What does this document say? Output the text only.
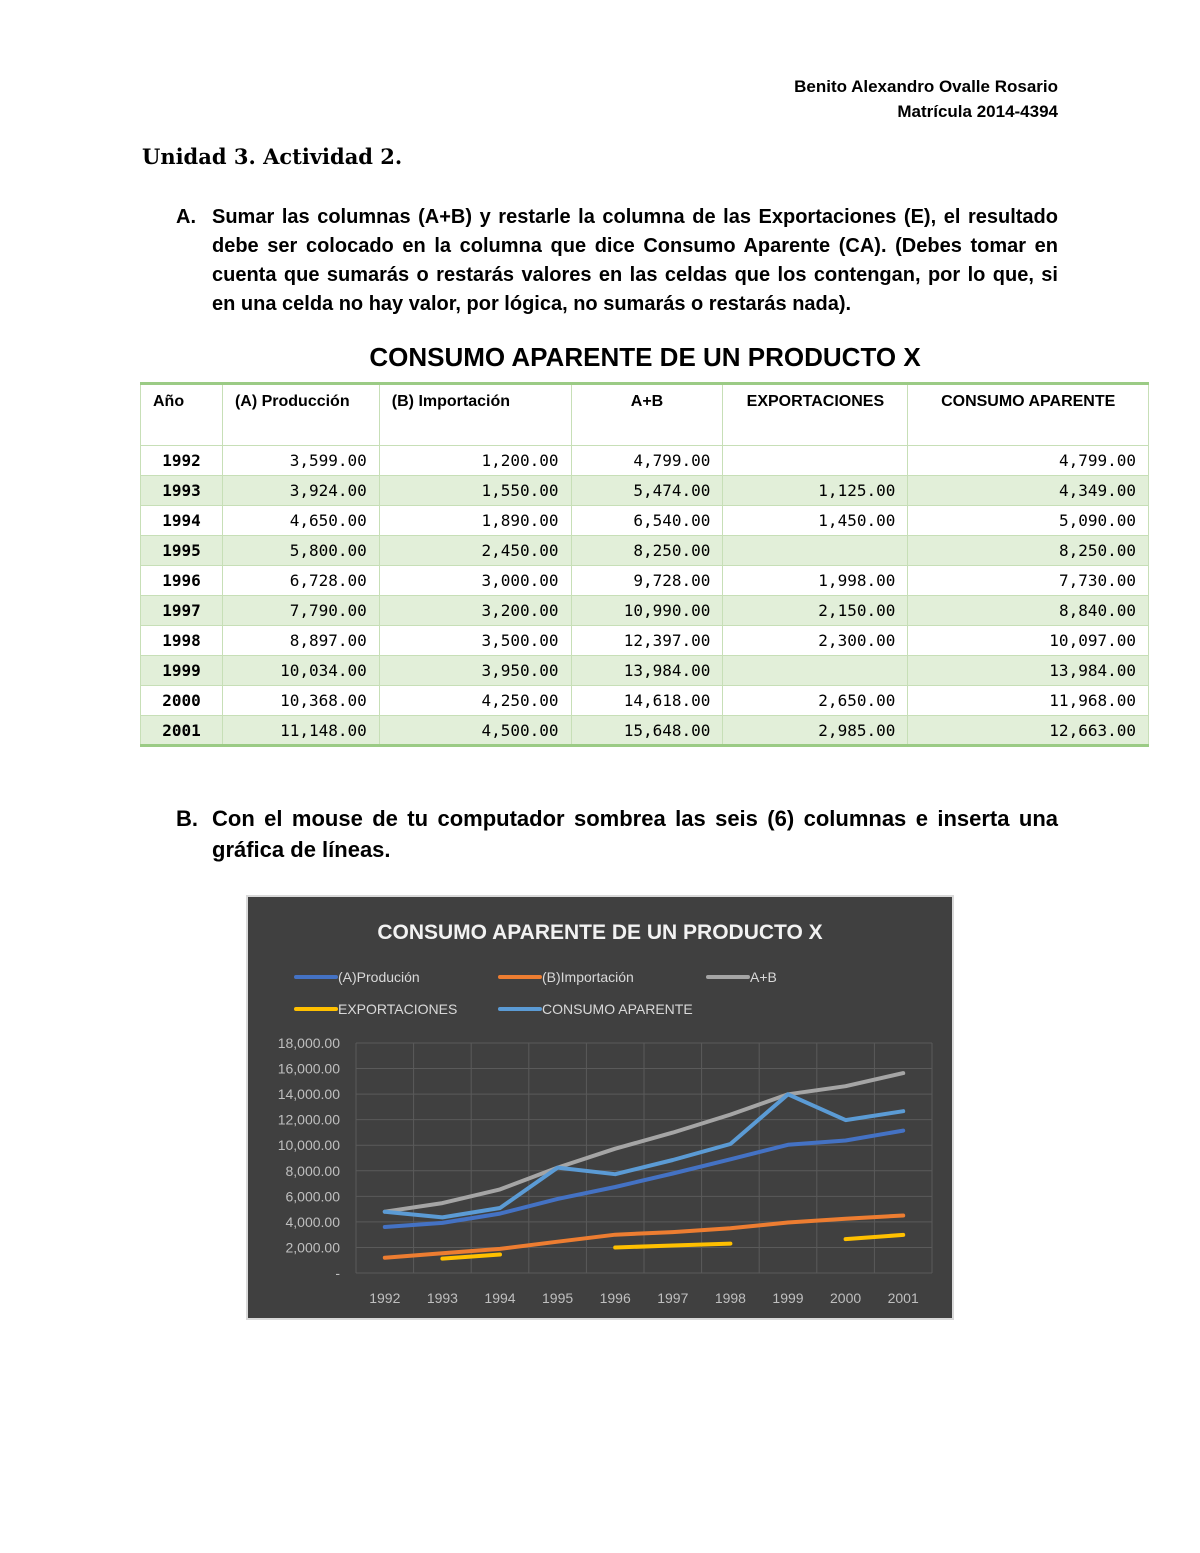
Benito Alexandro Ovalle Rosario
Matrícula 2014-4394
Unidad 3. Actividad 2.
A. Sumar las columnas (A+B) y restarle la columna de las Exportaciones (E), el resultado debe ser colocado en la columna que dice Consumo Aparente (CA). (Debes tomar en cuenta que sumarás o restarás valores en las celdas que los contengan, por lo que, si en una celda no hay valor, por lógica, no sumarás o restarás nada).
CONSUMO APARENTE DE UN PRODUCTO X
Año	(A) Producción	(B) Importación	A+B	EXPORTACIONES	CONSUMO APARENTE
1992	3,599.00	1,200.00	4,799.00		4,799.00
1993	3,924.00	1,550.00	5,474.00	1,125.00	4,349.00
1994	4,650.00	1,890.00	6,540.00	1,450.00	5,090.00
1995	5,800.00	2,450.00	8,250.00		8,250.00
1996	6,728.00	3,000.00	9,728.00	1,998.00	7,730.00
1997	7,790.00	3,200.00	10,990.00	2,150.00	8,840.00
1998	8,897.00	3,500.00	12,397.00	2,300.00	10,097.00
1999	10,034.00	3,950.00	13,984.00		13,984.00
2000	10,368.00	4,250.00	14,618.00	2,650.00	11,968.00
2001	11,148.00	4,500.00	15,648.00	2,985.00	12,663.00
B. Con el mouse de tu computador sombrea las seis (6) columnas e inserta una gráfica de líneas.
CONSUMO APARENTE DE UN PRODUCTO X
(A)Produción	(B)Importación	A+B
EXPORTACIONES	CONSUMO APARENTE
-
2,000.00
4,000.00
6,000.00
8,000.00
10,000.00
12,000.00
14,000.00
16,000.00
18,000.00
1992 1993 1994 1995 1996 1997 1998 1999 2000 2001
